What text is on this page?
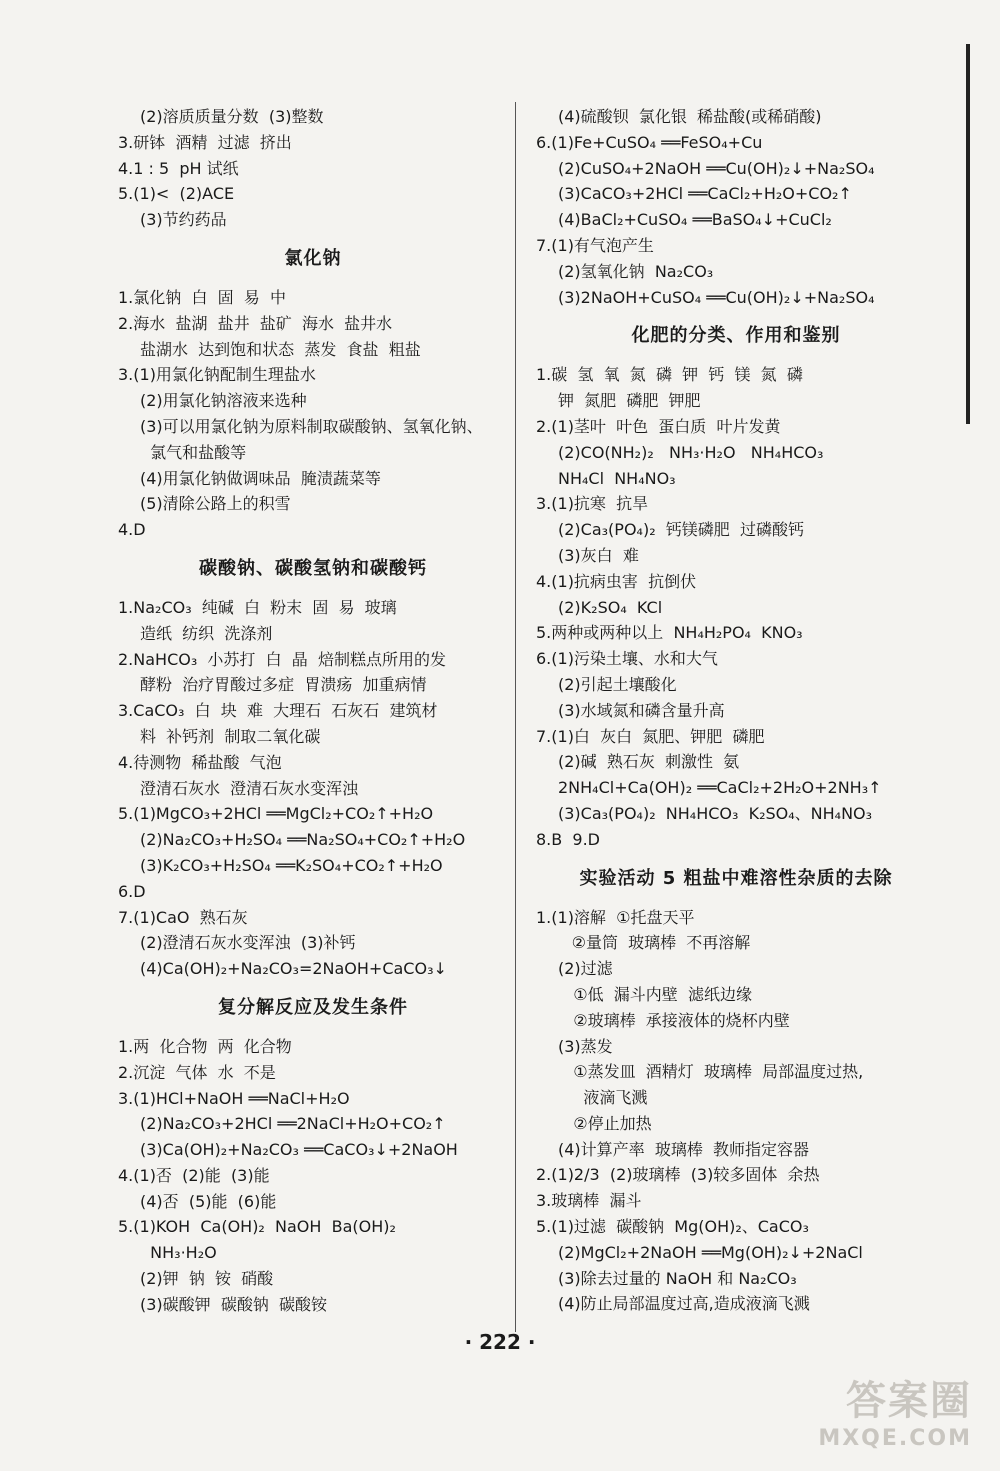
(2)溶质质量分数  (3)整数
3.研钵  酒精  过滤  挤出
4.1 : 5  pH 试纸
5.(1)<  (2)ACE
(3)节约药品
氯化钠
1.氯化钠  白  固  易  中
2.海水  盐湖  盐井  盐矿  海水  盐井水
盐湖水  达到饱和状态  蒸发  食盐  粗盐
3.(1)用氯化钠配制生理盐水
(2)用氯化钠溶液来选种
(3)可以用氯化钠为原料制取碳酸钠、氢氧化钠、
氯气和盐酸等
(4)用氯化钠做调味品  腌渍蔬菜等
(5)清除公路上的积雪
4.D
碳酸钠、碳酸氢钠和碳酸钙
1.Na₂CO₃  纯碱  白  粉末  固  易  玻璃
造纸  纺织  洗涤剂
2.NaHCO₃  小苏打  白  晶  焙制糕点所用的发
酵粉  治疗胃酸过多症  胃溃疡  加重病情
3.CaCO₃  白  块  难  大理石  石灰石  建筑材
料  补钙剂  制取二氧化碳
4.待测物  稀盐酸  气泡
澄清石灰水  澄清石灰水变浑浊
5.(1)MgCO₃+2HCl ══MgCl₂+CO₂↑+H₂O
(2)Na₂CO₃+H₂SO₄ ══Na₂SO₄+CO₂↑+H₂O
(3)K₂CO₃+H₂SO₄ ══K₂SO₄+CO₂↑+H₂O
6.D
7.(1)CaO  熟石灰
(2)澄清石灰水变浑浊  (3)补钙
(4)Ca(OH)₂+Na₂CO₃=2NaOH+CaCO₃↓
复分解反应及发生条件
1.两  化合物  两  化合物
2.沉淀  气体  水  不是
3.(1)HCl+NaOH ══NaCl+H₂O
(2)Na₂CO₃+2HCl ══2NaCl+H₂O+CO₂↑
(3)Ca(OH)₂+Na₂CO₃ ══CaCO₃↓+2NaOH
4.(1)否  (2)能  (3)能
(4)否  (5)能  (6)能
5.(1)KOH  Ca(OH)₂  NaOH  Ba(OH)₂
NH₃·H₂O
(2)钾  钠  铵  硝酸
(3)碳酸钾  碳酸钠  碳酸铵
(4)硫酸钡  氯化银  稀盐酸(或稀硝酸)
6.(1)Fe+CuSO₄ ══FeSO₄+Cu
(2)CuSO₄+2NaOH ══Cu(OH)₂↓+Na₂SO₄
(3)CaCO₃+2HCl ══CaCl₂+H₂O+CO₂↑
(4)BaCl₂+CuSO₄ ══BaSO₄↓+CuCl₂
7.(1)有气泡产生
(2)氢氧化钠  Na₂CO₃
(3)2NaOH+CuSO₄ ══Cu(OH)₂↓+Na₂SO₄
化肥的分类、作用和鉴别
1.碳  氢  氧  氮  磷  钾  钙  镁  氮  磷
钾  氮肥  磷肥  钾肥
2.(1)茎叶  叶色  蛋白质  叶片发黄
(2)CO(NH₂)₂   NH₃·H₂O   NH₄HCO₃
NH₄Cl  NH₄NO₃
3.(1)抗寒  抗旱
(2)Ca₃(PO₄)₂  钙镁磷肥  过磷酸钙
(3)灰白  难
4.(1)抗病虫害  抗倒伏
(2)K₂SO₄  KCl
5.两种或两种以上  NH₄H₂PO₄  KNO₃
6.(1)污染土壤、水和大气
(2)引起土壤酸化
(3)水域氮和磷含量升高
7.(1)白  灰白  氮肥、钾肥  磷肥
(2)碱  熟石灰  刺激性  氨
2NH₄Cl+Ca(OH)₂ ══CaCl₂+2H₂O+2NH₃↑
(3)Ca₃(PO₄)₂  NH₄HCO₃  K₂SO₄、NH₄NO₃
8.B  9.D
实验活动 5 粗盐中难溶性杂质的去除
1.(1)溶解  ①托盘天平
②量筒  玻璃棒  不再溶解
(2)过滤
①低  漏斗内壁  滤纸边缘
②玻璃棒  承接液体的烧杯内壁
(3)蒸发
①蒸发皿  酒精灯  玻璃棒  局部温度过热,
液滴飞溅
②停止加热
(4)计算产率  玻璃棒  教师指定容器
2.(1)2/3  (2)玻璃棒  (3)较多固体  余热
3.玻璃棒  漏斗
5.(1)过滤  碳酸钠  Mg(OH)₂、CaCO₃
(2)MgCl₂+2NaOH ══Mg(OH)₂↓+2NaCl
(3)除去过量的 NaOH 和 Na₂CO₃
(4)防止局部温度过高,造成液滴飞溅
· 222 ·
答案圈
MXQE.COM
